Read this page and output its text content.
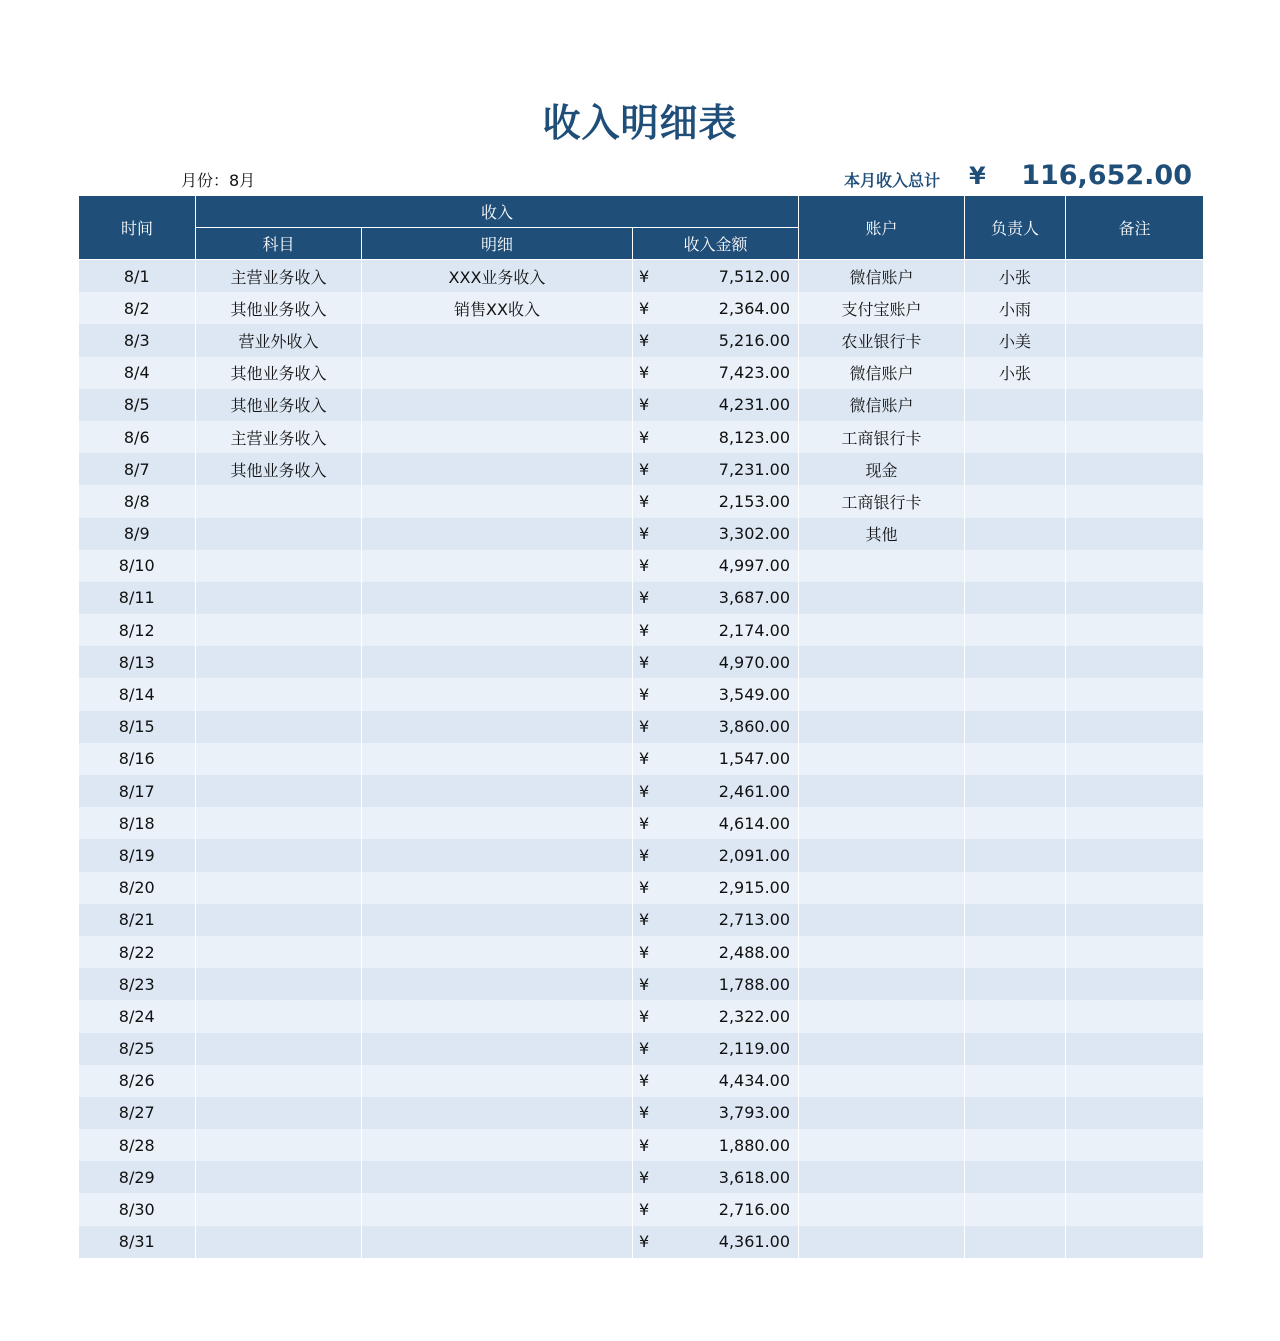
收入明细表
月份：8月	本月收入总计 ¥ 116,652.00
时间	收入			账户	负责人	备注
	科目	明细	收入金额			
8/1	主营业务收入	XXX业务收入	¥ 7,512.00	微信账户	小张	
8/2	其他业务收入	销售XX收入	¥ 2,364.00	支付宝账户	小雨	
8/3	营业外收入		¥ 5,216.00	农业银行卡	小美	
8/4	其他业务收入		¥ 7,423.00	微信账户	小张	
8/5	其他业务收入		¥ 4,231.00	微信账户		
8/6	主营业务收入		¥ 8,123.00	工商银行卡		
8/7	其他业务收入		¥ 7,231.00	现金		
8/8			¥ 2,153.00	工商银行卡		
8/9			¥ 3,302.00	其他		
8/10			¥ 4,997.00			

8/11			¥ 3,687.00			

8/12			¥ 2,174.00			

8/13			¥ 4,970.00			

8/14			¥ 3,549.00			

8/15			¥ 3,860.00			

8/16			¥ 1,547.00			

8/17			¥ 2,461.00			

8/18			¥ 4,614.00			

8/19			¥ 2,091.00			

8/20			¥ 2,915.00			

8/21			¥ 2,713.00			

8/22			¥ 2,488.00			

8/23			¥ 1,788.00			

8/24			¥ 2,322.00			

8/25			¥ 2,119.00			

8/26			¥ 4,434.00			

8/27			¥ 3,793.00			

8/28			¥ 1,880.00			

8/29			¥ 3,618.00			

8/30			¥ 2,716.00			

8/31			¥ 4,361.00			
